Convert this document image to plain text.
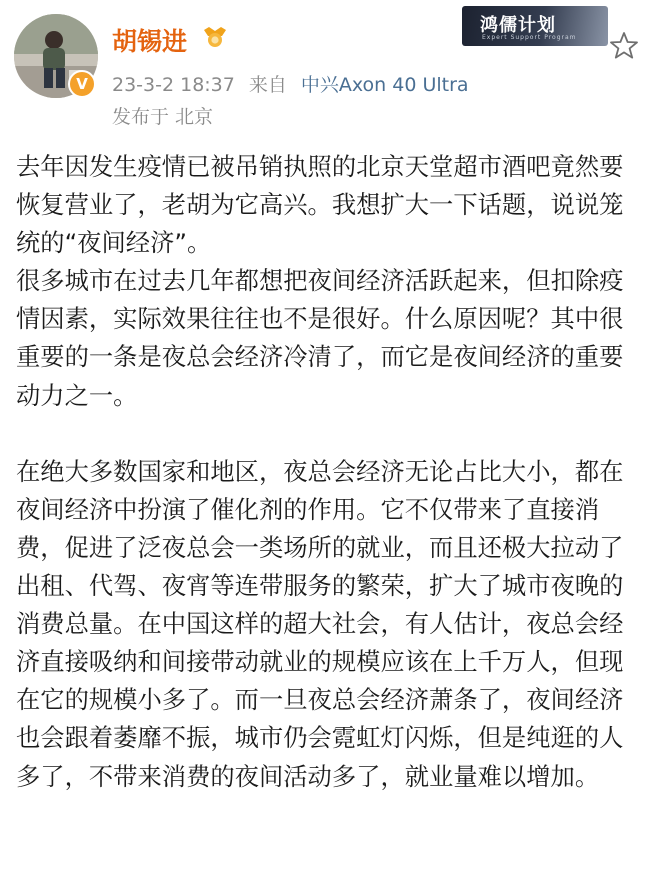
V
胡锡进
23-3-2 18:37 来自 中兴Axon 40 Ultra
发布于 北京
鸿儒计划
Expert Support Program

去年因发生疫情已被吊销执照的北京天堂超市酒吧竟然要恢复营业了，老胡为它高兴。我想扩大一下话题，说说笼统的“夜间经济”。

很多城市在过去几年都想把夜间经济活跃起来，但扣除疫情因素，实际效果往往也不是很好。什么原因呢？其中很重要的一条是夜总会经济冷清了，而它是夜间经济的重要动力之一。

在绝大多数国家和地区，夜总会经济无论占比大小，都在夜间经济中扮演了催化剂的作用。它不仅带来了直接消费，促进了泛夜总会一类场所的就业，而且还极大拉动了出租、代驾、夜宵等连带服务的繁荣，扩大了城市夜晚的消费总量。在中国这样的超大社会，有人估计，夜总会经济直接吸纳和间接带动就业的规模应该在上千万人，但现在它的规模小多了。而一旦夜总会经济萧条了，夜间经济也会跟着萎靡不振，城市仍会霓虹灯闪烁，但是纯逛的人多了，不带来消费的夜间活动多了，就业量难以增加。
